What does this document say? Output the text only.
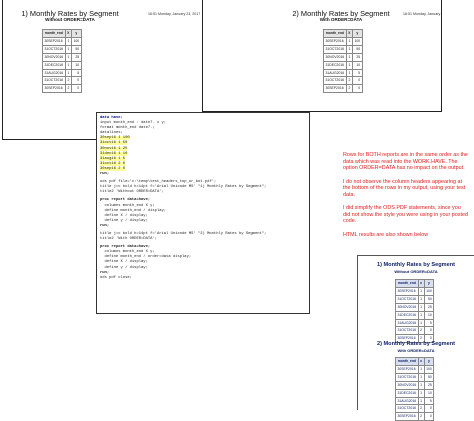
1) Monthly Rates by Segment
Without ORDER=DATA
16:51 Monday, January 23, 2017
month_end	X	y
30SEP2016	1	100
31OCT2016	1	50
30NOV2016	1	25
31DEC2016	1	10
31AUG2016	1	5
31OCT2016	2	0
30SEP2016	2	0
2) Monthly Rates by Segment
With ORDER=DATA
16:51 Monday, January
month_end	X	y
30SEP2016	1	100
31OCT2016	1	50
30NOV2016	1	25
31DEC2016	1	10
31AUG2016	1	5
31OCT2016	2	0
30SEP2016	2	0
data have;
input month_end : date7. x y;
format month_end date7.;
datalines;
30sep16 1 100
31oct16 1 50
30nov16 1 25
31dec16 1 10
31aug16 1 5
31oct16 2 0
30sep16 2 0
run;
ods pdf file='c:\temp\test_headers_top_or_bot.pdf';
title j=c bold h=14pt f='Arial Unicode MS' "1) Monthly Rates by Segment";
title2 'Without ORDER=DATA';
proc report data=have;
columns month_end X y;
define month_end / display;
define X / display;
define y / display;
run;
title j=c bold h=14pt f='Arial Unicode MS' "2) Monthly Rates by Segment";
title2 'With ORDER=DATA';
proc report data=have;
columns month_end X y;
define month_end / order=data display;
define X / display;
define y / display;
run;
ods pdf close;

Rows for BOTH reports are in the same order as the data which was read into the WORK.HAVE. The option ORDER=DATA has no impact on the output.

I do not observe the column headers appearing at the bottom of the rows in my output, using your test data.

I did simplify the ODS PDF statements, since you did not show the style you were using in your posted code.

HTML results are also shown below

1) Monthly Rates by Segment
Without ORDER=DATA
month_end	x	y
30SEP2016	1	100
31OCT2016	1	50
30NOV2016	1	25
31DEC2016	1	10
31AUG2016	1	5
31OCT2016	2	0
30SEP2016	2	0
2) Monthly Rates by Segment
With ORDER=DATA
month_end	x	y
30SEP2016	1	100
31OCT2016	1	50
30NOV2016	1	25
31DEC2016	1	10
31AUG2016	1	5
31OCT2016	2	0
30SEP2016	2	0
